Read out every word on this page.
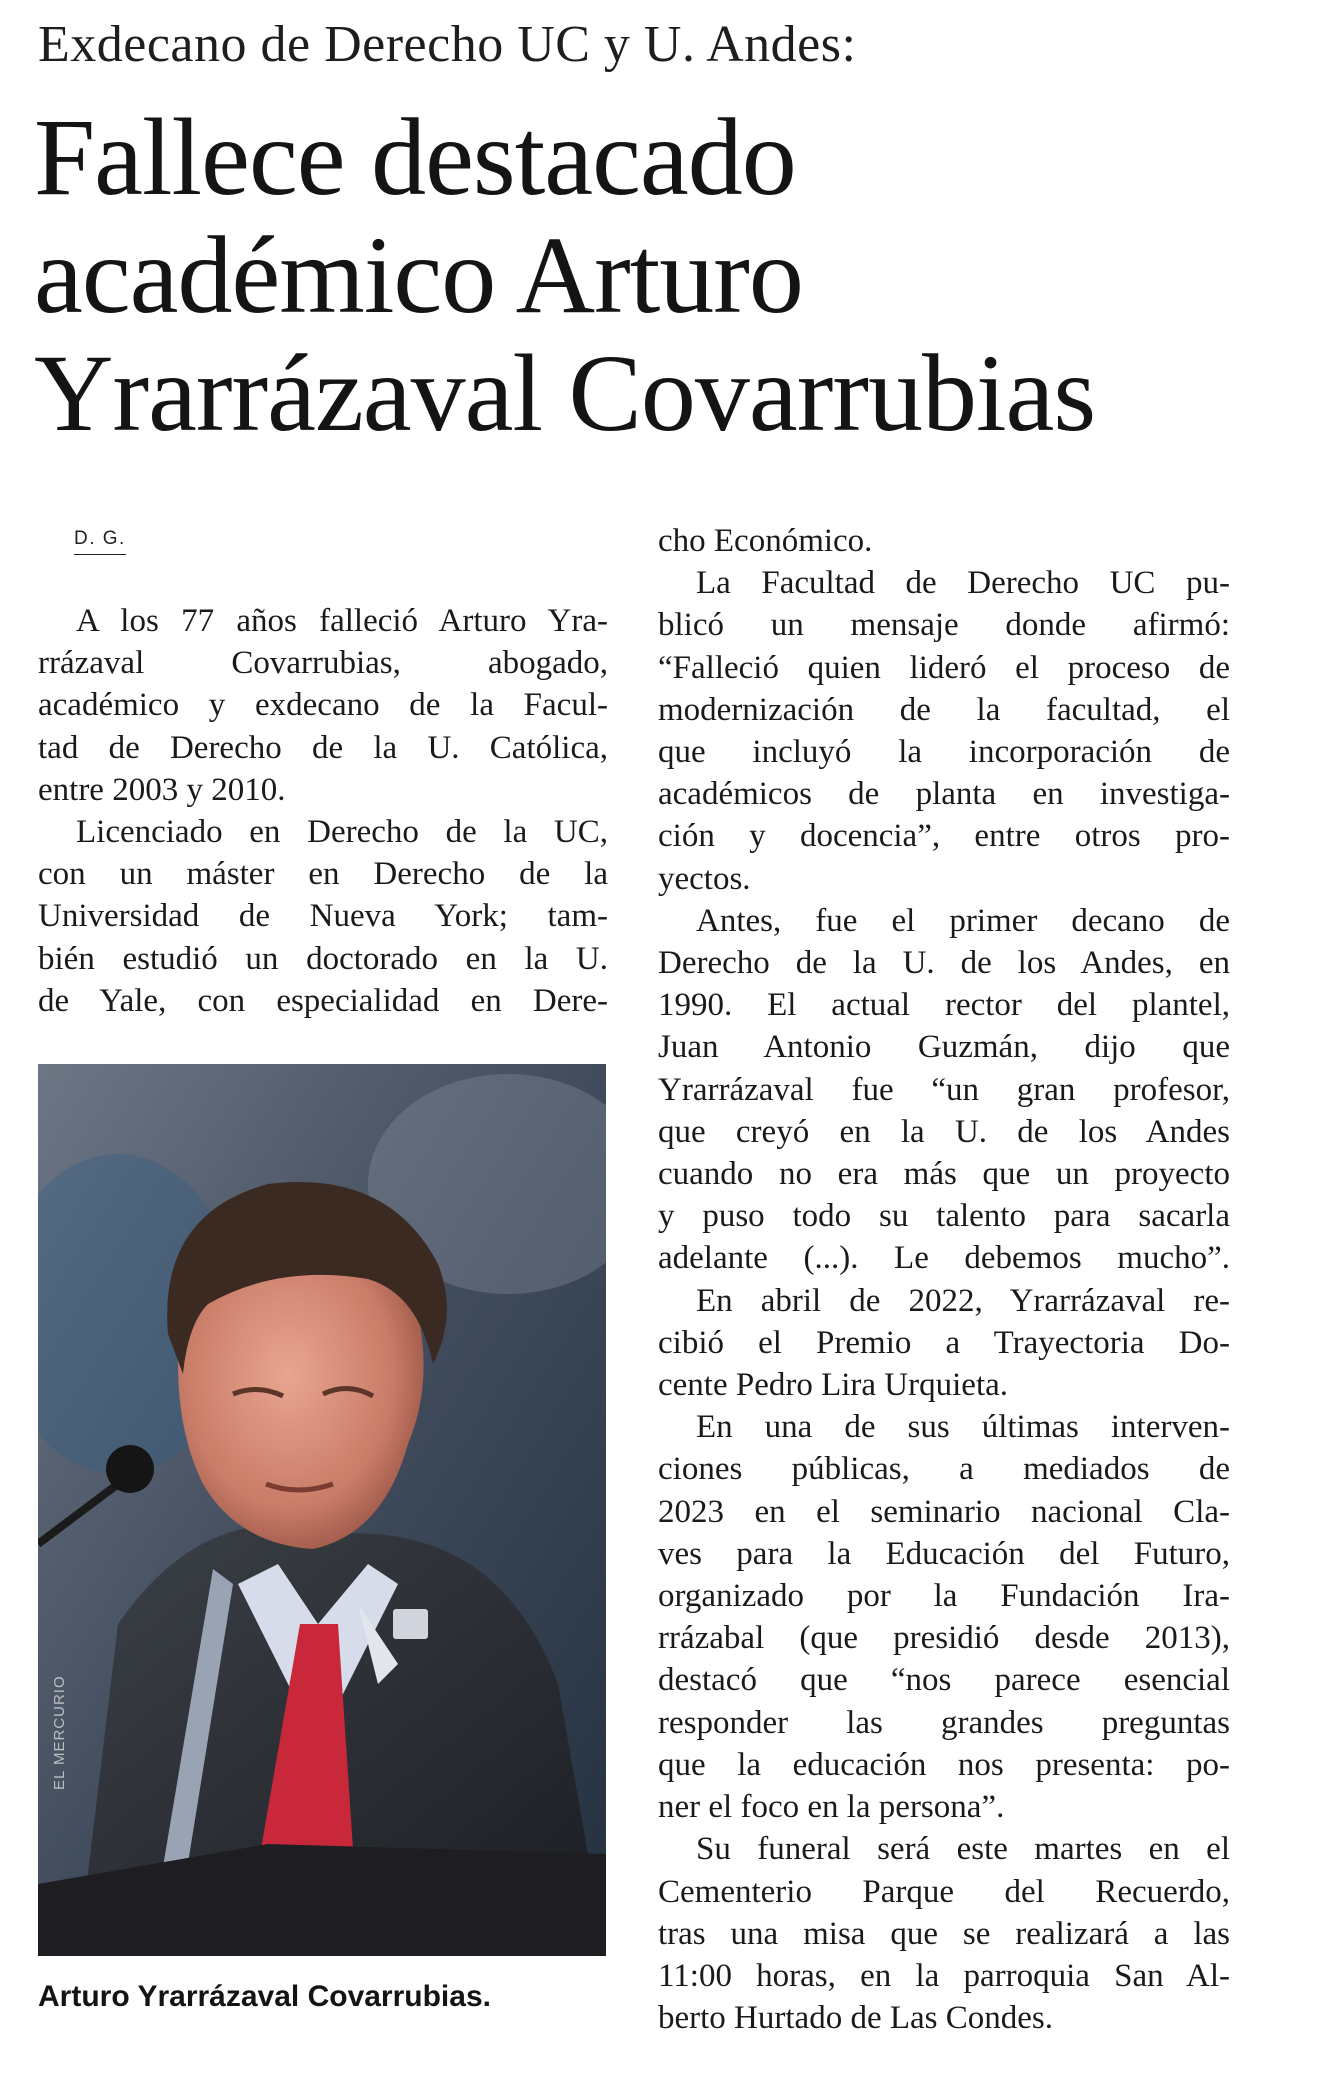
Exdecano de Derecho UC y U. Andes:
Fallece destacado
académico Arturo
Yrarrázaval Covarrubias
D. G.
A los 77 años falleció Arturo Yra-
rrázaval Covarrubias, abogado,
académico y exdecano de la Facul-
tad de Derecho de la U. Católica,
entre 2003 y 2010.
Licenciado en Derecho de la UC,
con un máster en Derecho de la
Universidad de Nueva York; tam-
bién estudió un doctorado en la U.
de Yale, con especialidad en Dere-
EL MERCURIO
Arturo Yrarrázaval Covarrubias.
cho Económico.
La Facultad de Derecho UC pu-
blicó un mensaje donde afirmó:
“Falleció quien lideró el proceso de
modernización de la facultad, el
que incluyó la incorporación de
académicos de planta en investiga-
ción y docencia”, entre otros pro-
yectos.
Antes, fue el primer decano de
Derecho de la U. de los Andes, en
1990. El actual rector del plantel,
Juan Antonio Guzmán, dijo que
Yrarrázaval fue “un gran profesor,
que creyó en la U. de los Andes
cuando no era más que un proyecto
y puso todo su talento para sacarla
adelante (...). Le debemos mucho”.
En abril de 2022, Yrarrázaval re-
cibió el Premio a Trayectoria Do-
cente Pedro Lira Urquieta.
En una de sus últimas interven-
ciones públicas, a mediados de
2023 en el seminario nacional Cla-
ves para la Educación del Futuro,
organizado por la Fundación Ira-
rrázabal (que presidió desde 2013),
destacó que “nos parece esencial
responder las grandes preguntas
que la educación nos presenta: po-
ner el foco en la persona”.
Su funeral será este martes en el
Cementerio Parque del Recuerdo,
tras una misa que se realizará a las
11:00 horas, en la parroquia San Al-
berto Hurtado de Las Condes.
